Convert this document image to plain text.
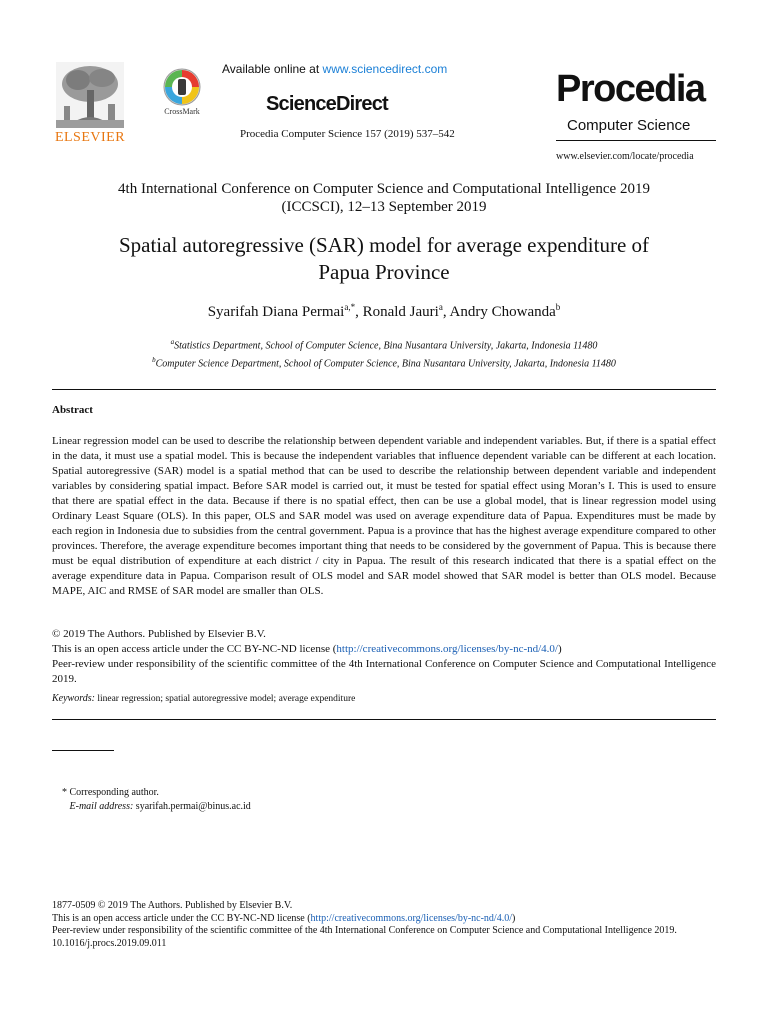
ELSEVIER
CrossMark
Available online at www.sciencedirect.com
ScienceDirect
Procedia Computer Science 157 (2019) 537–542
Procedia
Computer Science
www.elsevier.com/locate/procedia
4th International Conference on Computer Science and Computational Intelligence 2019
(ICCSCI), 12–13 September 2019
Spatial autoregressive (SAR) model for average expenditure of
Papua Province
Syarifah Diana Permai$^{a,*}$, Ronald Jauri$^a$, Andry Chowanda$^b$
$^a$Statistics Department, School of Computer Science, Bina Nusantara University, Jakarta, Indonesia 11480
$^b$Computer Science Department, School of Computer Science, Bina Nusantara University, Jakarta, Indonesia 11480
Abstract
Linear regression model can be used to describe the relationship between dependent variable and independent variables. But, if there is a spatial effect in the data, it must use a spatial model. This is because the independent variables that influence dependent variable can be different at each location. Spatial autoregressive (SAR) model is a spatial method that can be used to describe the relationship between dependent variable and independent variables by considering spatial impact. Before SAR model is carried out, it must be tested for spatial effect using Moran’s I. This is used to ensure that there are spatial effect in the data. Because if there is no spatial effect, then can be use a global model, that is linear regression model using Ordinary Least Square (OLS). In this paper, OLS and SAR model was used on average expenditure data of Papua. Expenditures must be made by each region in Indonesia due to subsidies from the central government. Papua is a province that has the highest average expenditure compared to other provinces. Therefore, the average expenditure becomes important thing that needs to be considered by the government of Papua. This is because there must be equal distribution of expenditure at each district / city in Papua. The result of this research indicated that there is a spatial effect on the average expenditure data in Papua. Comparison result of OLS model and SAR model showed that SAR model is better than OLS model. Because MAPE, AIC and RMSE of SAR model are smaller than OLS.
© 2019 The Authors. Published by Elsevier B.V.
This is an open access article under the CC BY-NC-ND license (http://creativecommons.org/licenses/by-nc-nd/4.0/)
Peer-review under responsibility of the scientific committee of the 4th International Conference on Computer Science and Computational Intelligence 2019.
Keywords: linear regression; spatial autoregressive model; average expenditure
* Corresponding author.
E-mail address: syarifah.permai@binus.ac.id
1877-0509 © 2019 The Authors. Published by Elsevier B.V.
This is an open access article under the CC BY-NC-ND license (http://creativecommons.org/licenses/by-nc-nd/4.0/)
Peer-review under responsibility of the scientific committee of the 4th International Conference on Computer Science and Computational Intelligence 2019.
10.1016/j.procs.2019.09.011
